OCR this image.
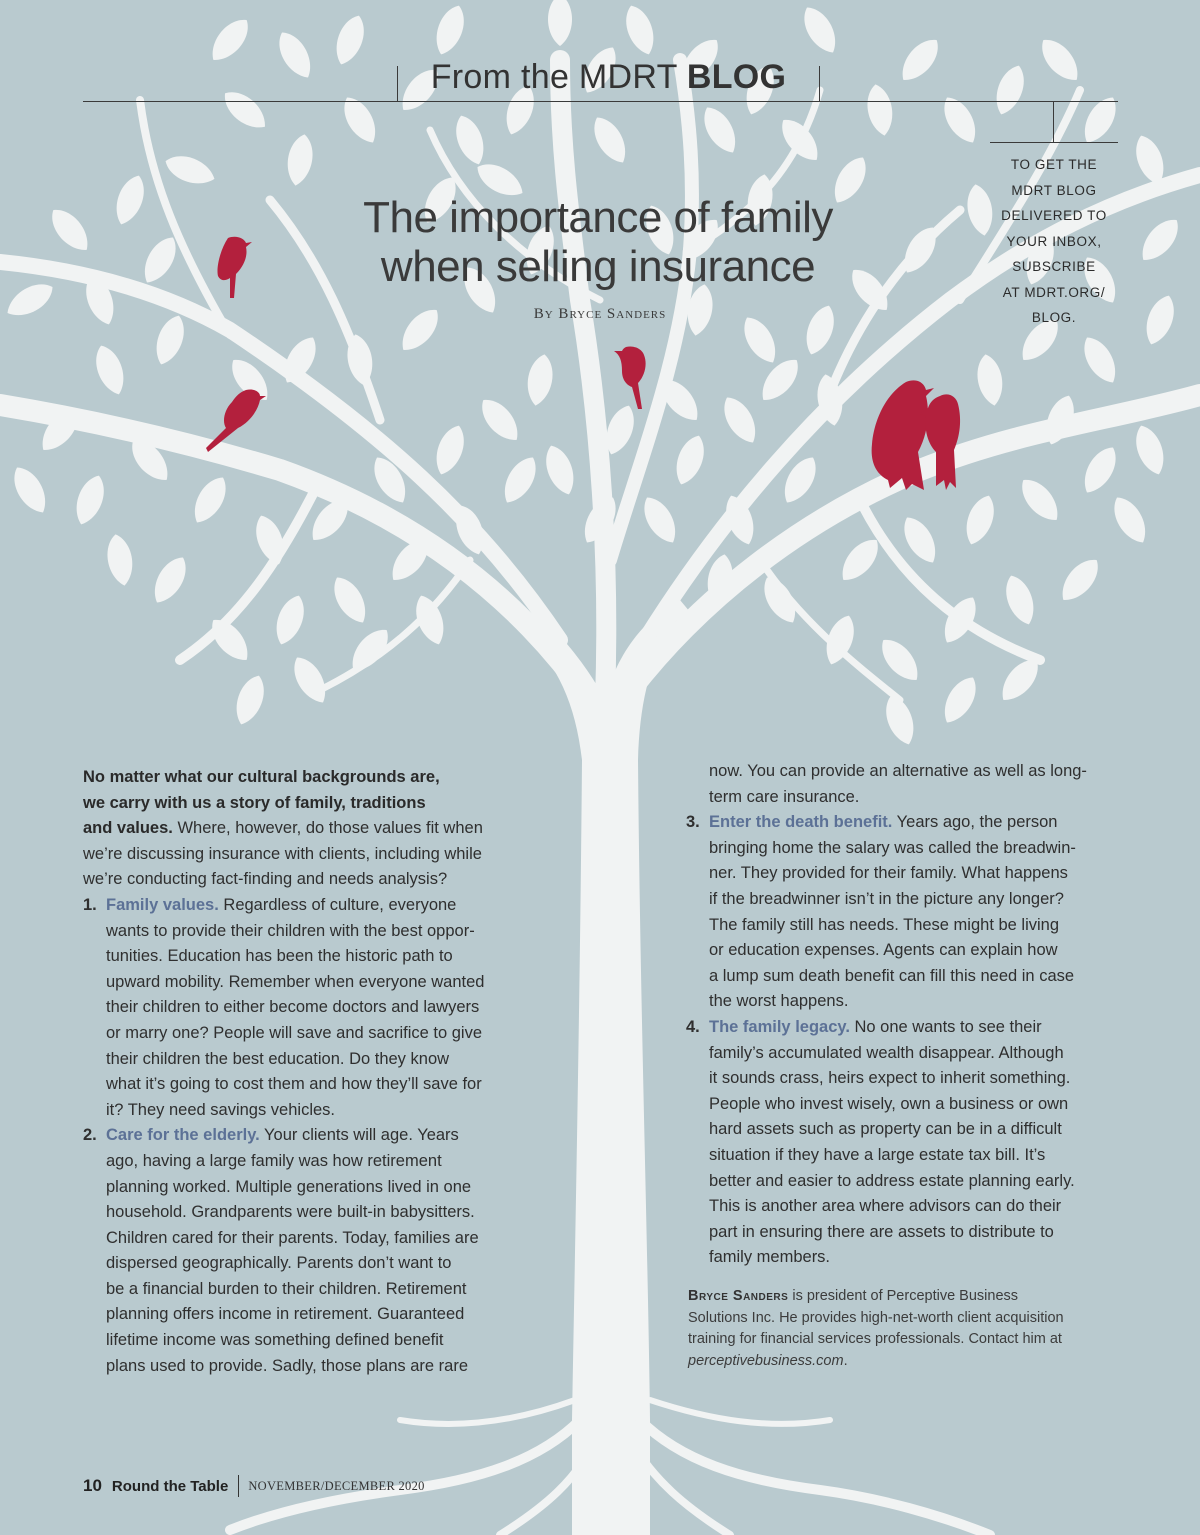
From the MDRT BLOG
TO GET THE
MDRT BLOG
DELIVERED TO
YOUR INBOX,
SUBSCRIBE
AT MDRT.ORG/
BLOG.
The importance of family
when selling insurance
By Bryce Sanders
No matter what our cultural backgrounds are,
we carry with us a story of family, traditions
and values. Where, however, do those values fit when
we’re discussing insurance with clients, including while
we’re conducting fact-finding and needs analysis?
1. Family values. Regardless of culture, everyone
wants to provide their children with the best oppor-
tunities. Education has been the historic path to
upward mobility. Remember when everyone wanted
their children to either become doctors and lawyers
or marry one? People will save and sacrifice to give
their children the best education. Do they know
what it’s going to cost them and how they’ll save for
it? They need savings vehicles.
2. Care for the elderly. Your clients will age. Years
ago, having a large family was how retirement
planning worked. Multiple generations lived in one
household. Grandparents were built-in babysitters.
Children cared for their parents. Today, families are
dispersed geographically. Parents don’t want to
be a financial burden to their children. Retirement
planning offers income in retirement. Guaranteed
lifetime income was something defined benefit
plans used to provide. Sadly, those plans are rare
now. You can provide an alternative as well as long-
term care insurance.
3. Enter the death benefit. Years ago, the person
bringing home the salary was called the breadwin-
ner. They provided for their family. What happens
if the breadwinner isn’t in the picture any longer?
The family still has needs. These might be living
or education expenses. Agents can explain how
a lump sum death benefit can fill this need in case
the worst happens.
4. The family legacy. No one wants to see their
family’s accumulated wealth disappear. Although
it sounds crass, heirs expect to inherit something.
People who invest wisely, own a business or own
hard assets such as property can be in a difficult
situation if they have a large estate tax bill. It’s
better and easier to address estate planning early.
This is another area where advisors can do their
part in ensuring there are assets to distribute to
family members.
Bryce Sanders is president of Perceptive Business
Solutions Inc. He provides high-net-worth client acquisition
training for financial services professionals. Contact him at
perceptivebusiness.com.
10 Round the Table NOVEMBER/DECEMBER 2020
